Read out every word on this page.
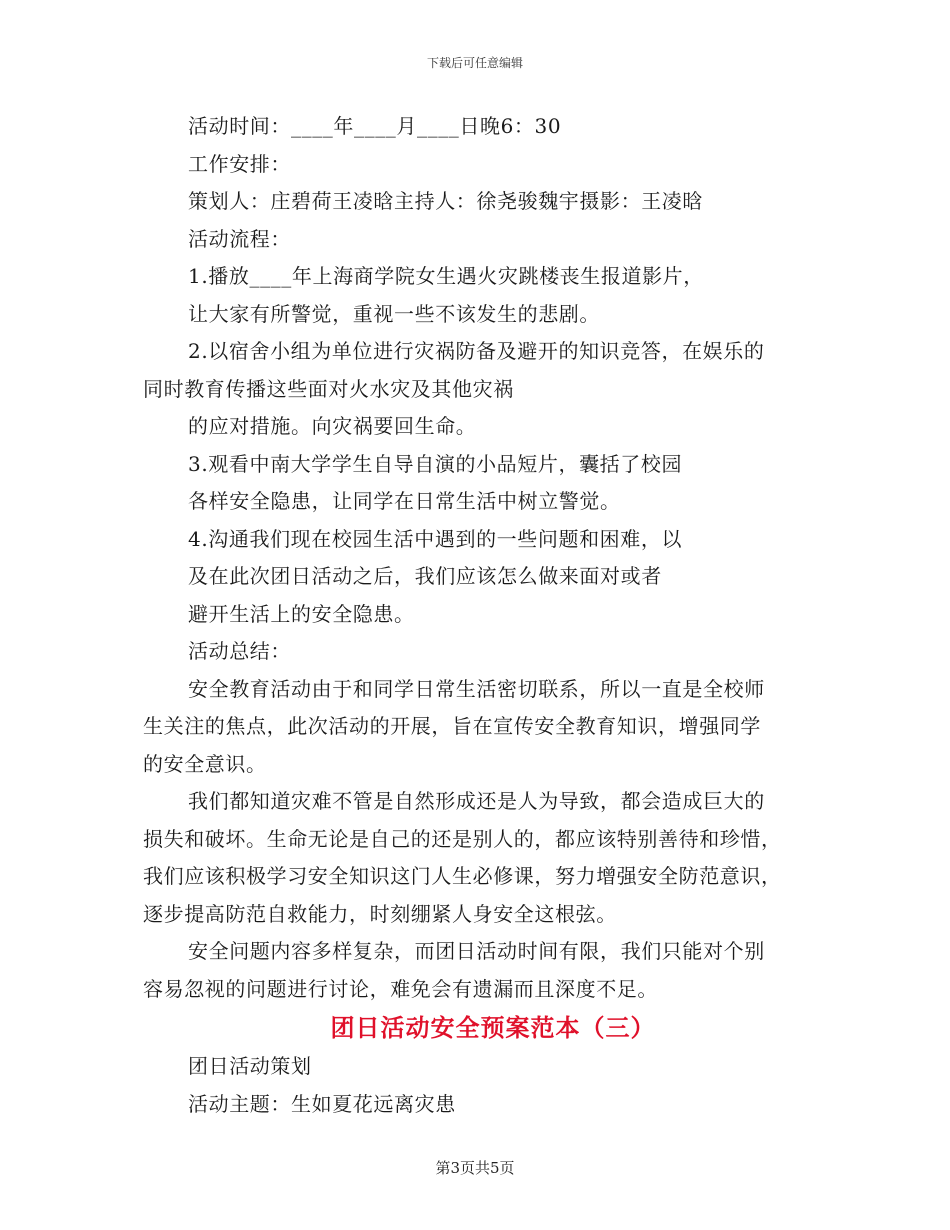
下载后可任意编辑
活动时间：____年____月____日晚6：30
工作安排：
策划人：庄碧荷王凌晗主持人：徐尧骏魏宇摄影：王凌晗
活动流程：
1.播放____年上海商学院女生遇火灾跳楼丧生报道影片，
让大家有所警觉，重视一些不该发生的悲剧。
2.以宿舍小组为单位进行灾祸防备及避开的知识竞答，在娱乐的
同时教育传播这些面对火水灾及其他灾祸
的应对措施。向灾祸要回生命。
3.观看中南大学学生自导自演的小品短片，囊括了校园
各样安全隐患，让同学在日常生活中树立警觉。
4.沟通我们现在校园生活中遇到的一些问题和困难，以
及在此次团日活动之后，我们应该怎么做来面对或者
避开生活上的安全隐患。
活动总结：
安全教育活动由于和同学日常生活密切联系，所以一直是全校师
生关注的焦点，此次活动的开展，旨在宣传安全教育知识，增强同学
的安全意识。
我们都知道灾难不管是自然形成还是人为导致，都会造成巨大的
损失和破坏。生命无论是自己的还是别人的，都应该特别善待和珍惜，
我们应该积极学习安全知识这门人生必修课，努力增强安全防范意识，
逐步提高防范自救能力，时刻绷紧人身安全这根弦。
安全问题内容多样复杂，而团日活动时间有限，我们只能对个别
容易忽视的问题进行讨论，难免会有遗漏而且深度不足。
团日活动安全预案范本（三）
团日活动策划
活动主题：生如夏花远离灾患
第3页共5页
